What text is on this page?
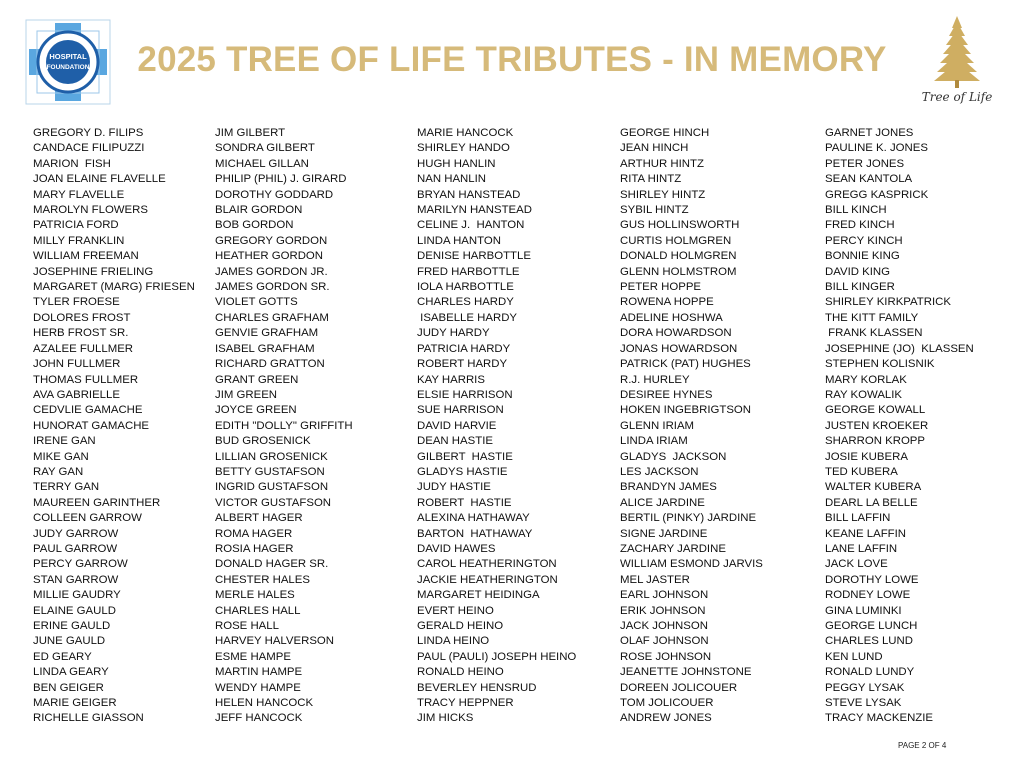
HOSPITAL
FOUNDATION	2025 TREE OF LIFE TRIBUTES - IN MEMORY
Tree of Life
GREGORY D. FILIPS
CANDACE FILIPUZZI
MARION  FISH
JOAN ELAINE FLAVELLE
MARY FLAVELLE
MAROLYN FLOWERS
PATRICIA FORD
MILLY FRANKLIN
WILLIAM FREEMAN
JOSEPHINE FRIELING
MARGARET (MARG) FRIESEN
TYLER FROESE
DOLORES FROST
HERB FROST SR.
AZALEE FULLMER
JOHN FULLMER
THOMAS FULLMER
AVA GABRIELLE
CEDVLIE GAMACHE
HUNORAT GAMACHE
IRENE GAN
MIKE GAN
RAY GAN
TERRY GAN
MAUREEN GARINTHER
COLLEEN GARROW
JUDY GARROW
PAUL GARROW
PERCY GARROW
STAN GARROW
MILLIE GAUDRY
ELAINE GAULD
ERINE GAULD
JUNE GAULD
ED GEARY
LINDA GEARY
BEN GEIGER
MARIE GEIGER
RICHELLE GIASSON
JIM GILBERT
SONDRA GILBERT
MICHAEL GILLAN
PHILIP (PHIL) J. GIRARD
DOROTHY GODDARD
BLAIR GORDON
BOB GORDON
GREGORY GORDON
HEATHER GORDON
JAMES GORDON JR.
JAMES GORDON SR.
VIOLET GOTTS
CHARLES GRAFHAM
GENVIE GRAFHAM
ISABEL GRAFHAM
RICHARD GRATTON
GRANT GREEN
JIM GREEN
JOYCE GREEN
EDITH "DOLLY" GRIFFITH
BUD GROSENICK
LILLIAN GROSENICK
BETTY GUSTAFSON
INGRID GUSTAFSON
VICTOR GUSTAFSON
ALBERT HAGER
ROMA HAGER
ROSIA HAGER
DONALD HAGER SR.
CHESTER HALES
MERLE HALES
CHARLES HALL
ROSE HALL
HARVEY HALVERSON
ESME HAMPE
MARTIN HAMPE
WENDY HAMPE
HELEN HANCOCK
JEFF HANCOCK
MARIE HANCOCK
SHIRLEY HANDO
HUGH HANLIN
NAN HANLIN
BRYAN HANSTEAD
MARILYN HANSTEAD
CELINE J.  HANTON
LINDA HANTON
DENISE HARBOTTLE
FRED HARBOTTLE
IOLA HARBOTTLE
CHARLES HARDY
ISABELLE HARDY
JUDY HARDY
PATRICIA HARDY
ROBERT HARDY
KAY HARRIS
ELSIE HARRISON
SUE HARRISON
DAVID HARVIE
DEAN HASTIE
GILBERT  HASTIE
GLADYS HASTIE
JUDY HASTIE
ROBERT  HASTIE
ALEXINA HATHAWAY
BARTON  HATHAWAY
DAVID HAWES
CAROL HEATHERINGTON
JACKIE HEATHERINGTON
MARGARET HEIDINGA
EVERT HEINO
GERALD HEINO
LINDA HEINO
PAUL (PAULI) JOSEPH HEINO
RONALD HEINO
BEVERLEY HENSRUD
TRACY HEPPNER
JIM HICKS
GEORGE HINCH
JEAN HINCH
ARTHUR HINTZ
RITA HINTZ
SHIRLEY HINTZ
SYBIL HINTZ
GUS HOLLINSWORTH
CURTIS HOLMGREN
DONALD HOLMGREN
GLENN HOLMSTROM
PETER HOPPE
ROWENA HOPPE
ADELINE HOSHWA
DORA HOWARDSON
JONAS HOWARDSON
PATRICK (PAT) HUGHES
R.J. HURLEY
DESIREE HYNES
HOKEN INGEBRIGTSON
GLENN IRIAM
LINDA IRIAM
GLADYS  JACKSON
LES JACKSON
BRANDYN JAMES
ALICE JARDINE
BERTIL (PINKY) JARDINE
SIGNE JARDINE
ZACHARY JARDINE
WILLIAM ESMOND JARVIS
MEL JASTER
EARL JOHNSON
ERIK JOHNSON
JACK JOHNSON
OLAF JOHNSON
ROSE JOHNSON
JEANETTE JOHNSTONE
DOREEN JOLICOUER
TOM JOLICOUER
ANDREW JONES
GARNET JONES
PAULINE K. JONES
PETER JONES
SEAN KANTOLA
GREGG KASPRICK
BILL KINCH
FRED KINCH
PERCY KINCH
BONNIE KING
DAVID KING
BILL KINGER
SHIRLEY KIRKPATRICK
THE KITT FAMILY
FRANK KLASSEN
JOSEPHINE (JO)  KLASSEN
STEPHEN KOLISNIK
MARY KORLAK
RAY KOWALIK
GEORGE KOWALL
JUSTEN KROEKER
SHARRON KROPP
JOSIE KUBERA
TED KUBERA
WALTER KUBERA
DEARL LA BELLE
BILL LAFFIN
KEANE LAFFIN
LANE LAFFIN
JACK LOVE
DOROTHY LOWE
RODNEY LOWE
GINA LUMINKI
GEORGE LUNCH
CHARLES LUND
KEN LUND
RONALD LUNDY
PEGGY LYSAK
STEVE LYSAK
TRACY MACKENZIE
PAGE 2 OF 4
